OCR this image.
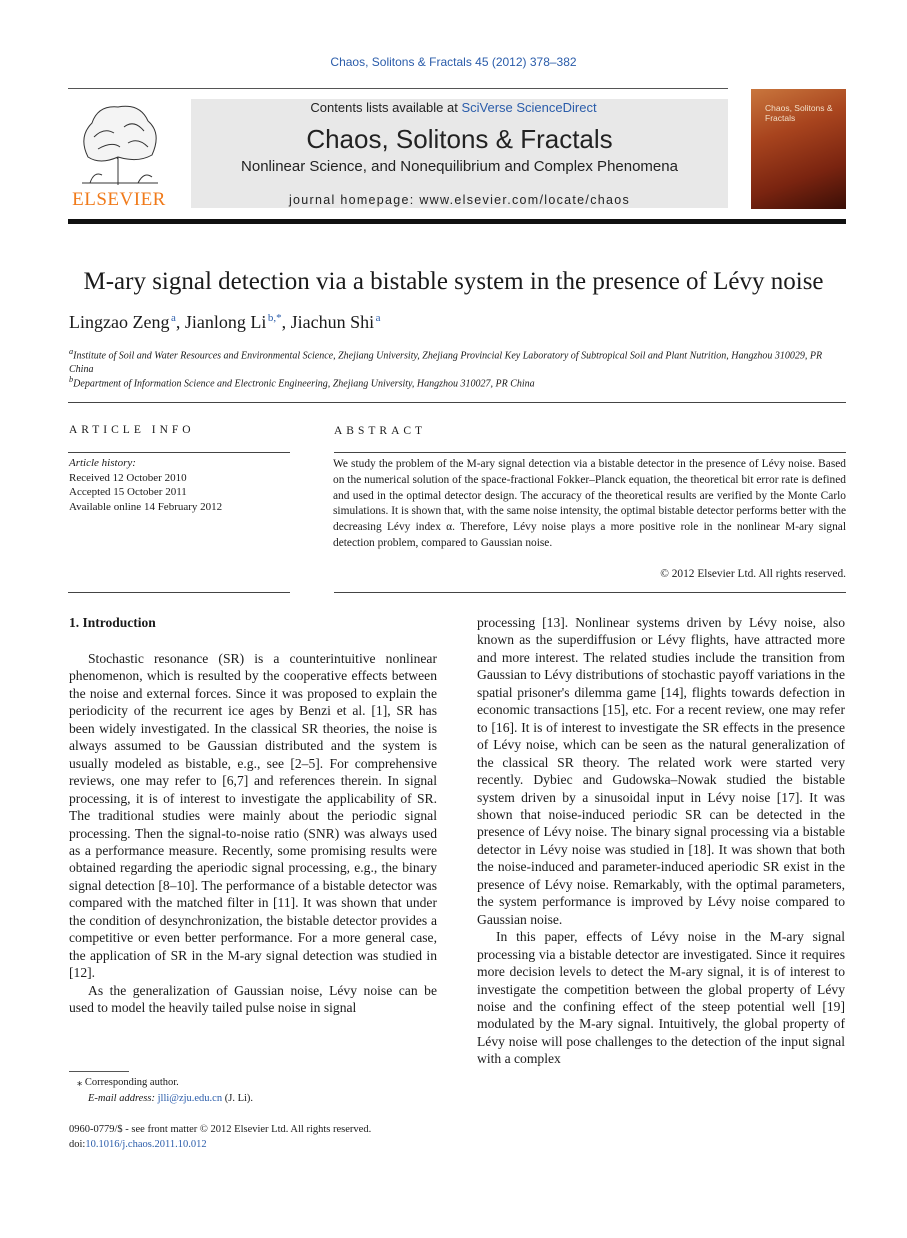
Chaos, Solitons & Fractals 45 (2012) 378–382
ELSEVIER
Contents lists available at SciVerse ScienceDirect
Chaos, Solitons & Fractals
Nonlinear Science, and Nonequilibrium and Complex Phenomena
journal homepage: www.elsevier.com/locate/chaos
Chaos, Solitons & Fractals
M-ary signal detection via a bistable system in the presence of Lévy noise
Lingzao Zeng  $^a$, Jianlong Li  $^{b,*}$, Jiachun Shi  $^a$
$^a$Institute of Soil and Water Resources and Environmental Science, Zhejiang University, Zhejiang Provincial Key Laboratory of Subtropical Soil and Plant Nutrition, Hangzhou 310029, PR China
$^b$Department of Information Science and Electronic Engineering, Zhejiang University, Hangzhou 310027, PR China
ARTICLE INFO	ABSTRACT
Article history:
Received 12 October 2010
Accepted 15 October 2011
Available online 14 February 2012
We study the problem of the M-ary signal detection via a bistable detector in the presence of Lévy noise. Based on the numerical solution of the space-fractional Fokker–Planck equation, the theoretical bit error rate is defined and used in the optimal detector design. The accuracy of the theoretical results are verified by the Monte Carlo simulations. It is shown that, with the same noise intensity, the optimal bistable detector performs better with the decreasing Lévy index α. Therefore, Lévy noise plays a more positive role in the nonlinear M-ary signal detection problem, compared to Gaussian noise.
© 2012 Elsevier Ltd. All rights reserved.
1. Introduction

Stochastic resonance (SR) is a counterintuitive nonlinear phenomenon, which is resulted by the cooperative effects between the noise and external forces. Since it was proposed to explain the periodicity of the recurrent ice ages by Benzi et al. [1], SR has been widely investigated. In the classical SR theories, the noise is always assumed to be Gaussian distributed and the system is usually modeled as bistable, e.g., see [2–5]. For comprehensive reviews, one may refer to [6,7] and references therein. In signal processing, it is of interest to investigate the applicability of SR. The traditional studies were mainly about the periodic signal processing. Then the signal-to-noise ratio (SNR) was always used as a performance measure. Recently, some promising results were obtained regarding the aperiodic signal processing, e.g., the binary signal detection [8–10]. The performance of a bistable detector was compared with the matched filter in [11]. It was shown that under the condition of desynchronization, the bistable detector provides a competitive or even better performance. For a more general case, the application of SR in the M-ary signal detection was studied in [12].

As the generalization of Gaussian noise, Lévy noise can be used to model the heavily tailed pulse noise in signal

processing [13]. Nonlinear systems driven by Lévy noise, also known as the superdiffusion or Lévy flights, have attracted more and more interest. The related studies include the transition from Gaussian to Lévy distributions of stochastic payoff variations in the spatial prisoner's dilemma game [14], flights towards defection in economic transactions [15], etc. For a recent review, one may refer to [16]. It is of interest to investigate the SR effects in the presence of Lévy noise, which can be seen as the natural generalization of the classical SR theory. The related work were started very recently. Dybiec and Gudowska–Nowak studied the bistable system driven by a sinusoidal input in Lévy noise [17]. It was shown that noise-induced periodic SR can be detected in the presence of Lévy noise. The binary signal processing via a bistable detector in Lévy noise was studied in [18]. It was shown that both the noise-induced and parameter-induced aperiodic SR exist in the presence of Lévy noise. Remarkably, with the optimal parameters, the system performance is improved by Lévy noise compared to Gaussian noise.

In this paper, effects of Lévy noise in the M-ary signal processing via a bistable detector are investigated. Since it requires more decision levels to detect the M-ary signal, it is of interest to investigate the competition between the global property of Lévy noise and the confining effect of the steep potential well [19] modulated by the M-ary signal. Intuitively, the global property of Lévy noise will pose challenges to the detection of the input signal with a complex

⁎ Corresponding author.
E-mail address: jlli@zju.edu.cn (J. Li).
0960-0779/$ - see front matter © 2012 Elsevier Ltd. All rights reserved.
doi:10.1016/j.chaos.2011.10.012
